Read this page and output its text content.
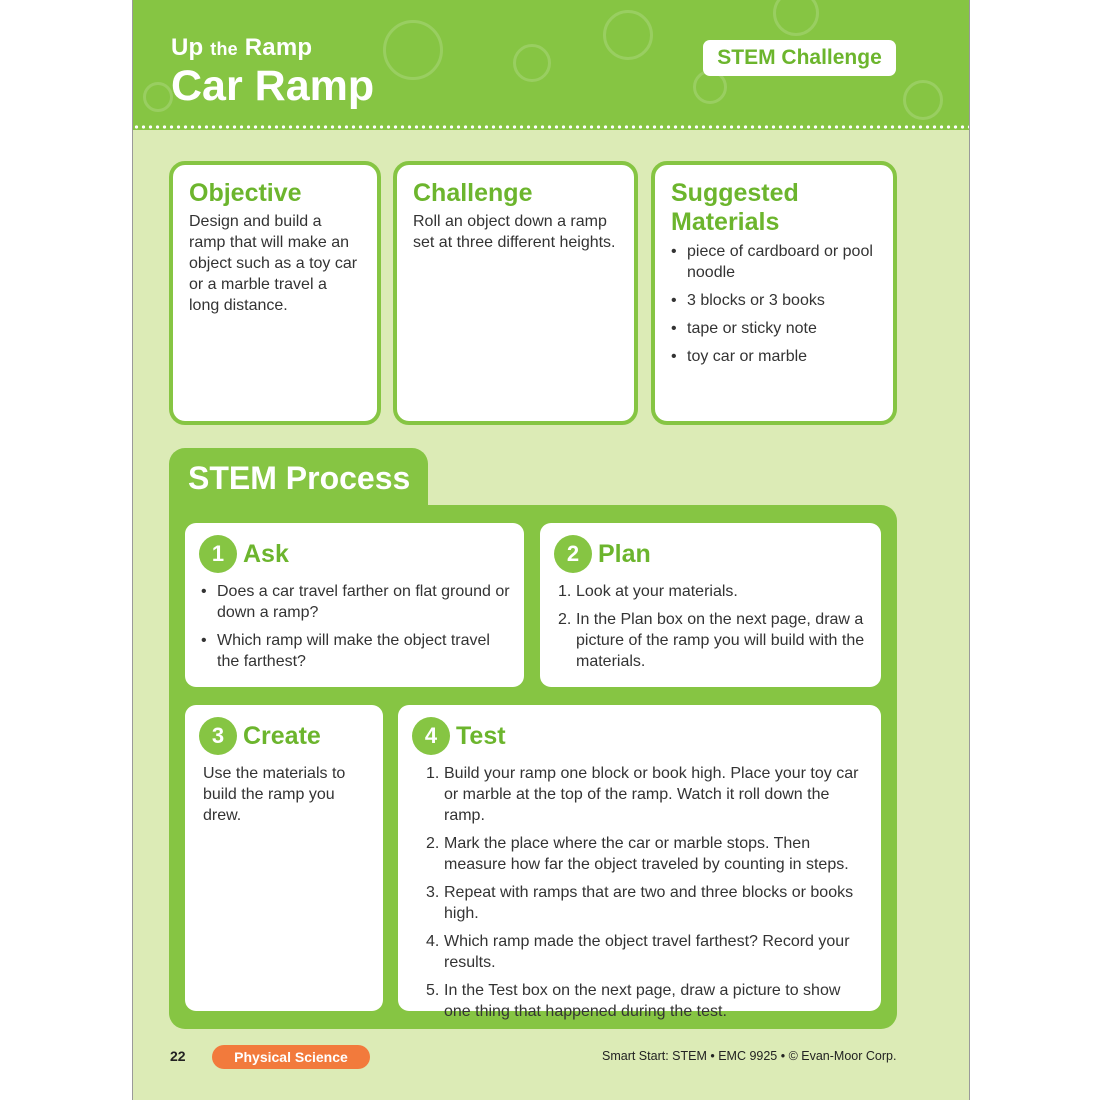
Up the Ramp
Car Ramp
STEM Challenge
Objective

Design and build a ramp that will make an object such as a toy car or a marble travel a long distance.

Challenge

Roll an object down a ramp set at three different heights.

Suggested Materials
• piece of cardboard or pool noodle
• 3 blocks or 3 books
• tape or sticky note
• toy car or marble
STEM Process
1 Ask
• Does a car travel farther on flat ground or down a ramp?
• Which ramp will make the object travel the farthest?
2 Plan
1. Look at your materials.
2. In the Plan box on the next page, draw a picture of the ramp you will build with the materials.
3 Create

Use the materials to build the ramp you drew.

4 Test
1. Build your ramp one block or book high. Place your toy car or marble at the top of the ramp. Watch it roll down the ramp.
2. Mark the place where the car or marble stops. Then measure how far the object traveled by counting in steps.
3. Repeat with ramps that are two and three blocks or books high.
4. Which ramp made the object travel farthest? Record your results.
5. In the Test box on the next page, draw a picture to show one thing that happened during the test.
22	Physical Science	Smart Start: STEM • EMC 9925 • © Evan-Moor Corp.
